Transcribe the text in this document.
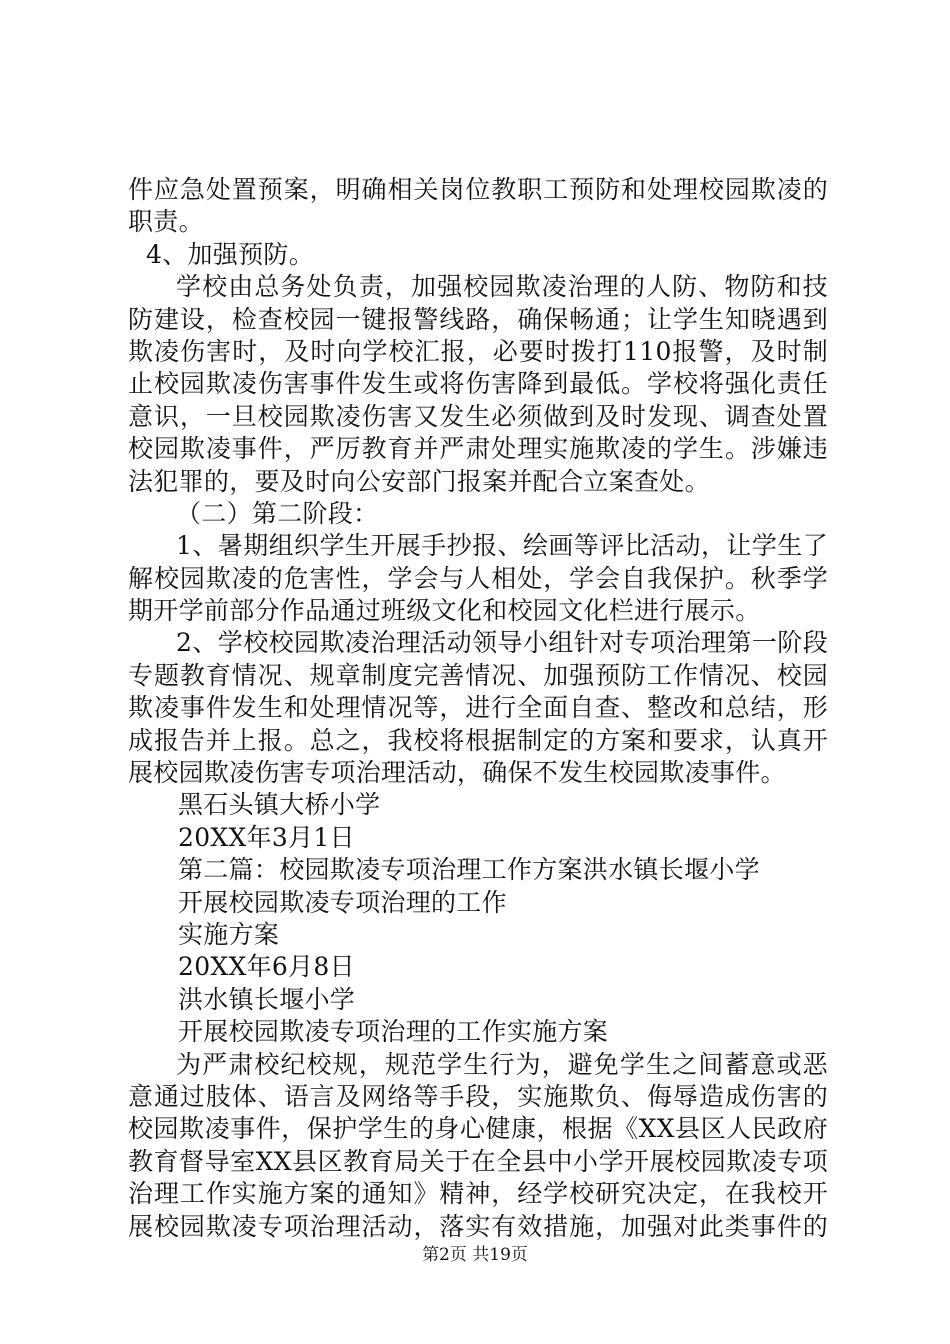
件应急处置预案，明确相关岗位教职工预防和处理校园欺凌的
职责。
4、加强预防。
学校由总务处负责，加强校园欺凌治理的人防、物防和技
防建设，检查校园一键报警线路，确保畅通；让学生知晓遇到
欺凌伤害时，及时向学校汇报，必要时拨打110报警，及时制
止校园欺凌伤害事件发生或将伤害降到最低。学校将强化责任
意识，一旦校园欺凌伤害又发生必须做到及时发现、调查处置
校园欺凌事件，严厉教育并严肃处理实施欺凌的学生。涉嫌违
法犯罪的，要及时向公安部门报案并配合立案查处。
（二）第二阶段：
1、暑期组织学生开展手抄报、绘画等评比活动，让学生了
解校园欺凌的危害性，学会与人相处，学会自我保护。秋季学
期开学前部分作品通过班级文化和校园文化栏进行展示。
2、学校校园欺凌治理活动领导小组针对专项治理第一阶段
专题教育情况、规章制度完善情况、加强预防工作情况、校园
欺凌事件发生和处理情况等，进行全面自查、整改和总结，形
成报告并上报。总之，我校将根据制定的方案和要求，认真开
展校园欺凌伤害专项治理活动，确保不发生校园欺凌事件。
黑石头镇大桥小学
20XX年3月1日
第二篇：校园欺凌专项治理工作方案洪水镇长堰小学
开展校园欺凌专项治理的工作
实施方案
20XX年6月8日
洪水镇长堰小学
开展校园欺凌专项治理的工作实施方案
为严肃校纪校规，规范学生行为，避免学生之间蓄意或恶
意通过肢体、语言及网络等手段，实施欺负、侮辱造成伤害的
校园欺凌事件，保护学生的身心健康，根据《XX县区人民政府
教育督导室XX县区教育局关于在全县中小学开展校园欺凌专项
治理工作实施方案的通知》精神，经学校研究决定，在我校开
展校园欺凌专项治理活动，落实有效措施，加强对此类事件的
第2页 共19页
